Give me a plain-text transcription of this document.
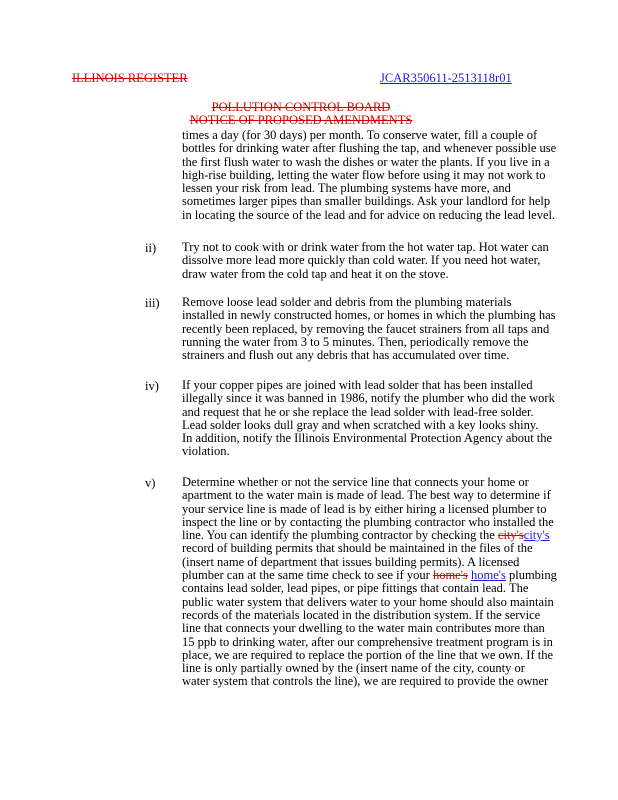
ILLINOIS REGISTER	JCAR350611-2513118r01
POLLUTION CONTROL BOARD
NOTICE OF PROPOSED AMENDMENTS
times a day (for 30 days) per month. To conserve water, fill a couple of
bottles for drinking water after flushing the tap, and whenever possible use
the first flush water to wash the dishes or water the plants. If you live in a
high-rise building, letting the water flow before using it may not work to
lessen your risk from lead. The plumbing systems have more, and
sometimes larger pipes than smaller buildings. Ask your landlord for help
in locating the source of the lead and for advice on reducing the lead level.
ii) Try not to cook with or drink water from the hot water tap. Hot water can
dissolve more lead more quickly than cold water. If you need hot water,
draw water from the cold tap and heat it on the stove.
iii) Remove loose lead solder and debris from the plumbing materials
installed in newly constructed homes, or homes in which the plumbing has
recently been replaced, by removing the faucet strainers from all taps and
running the water from 3 to 5 minutes. Then, periodically remove the
strainers and flush out any debris that has accumulated over time.
iv) If your copper pipes are joined with lead solder that has been installed
illegally since it was banned in 1986, notify the plumber who did the work
and request that he or she replace the lead solder with lead-free solder.
Lead solder looks dull gray and when scratched with a key looks shiny.
In addition, notify the Illinois Environmental Protection Agency about the
violation.
v) Determine whether or not the service line that connects your home or
apartment to the water main is made of lead. The best way to determine if
your service line is made of lead is by either hiring a licensed plumber to
inspect the line or by contacting the plumbing contractor who installed the
line. You can identify the plumbing contractor by checking the city'scity's
record of building permits that should be maintained in the files of the
(insert name of department that issues building permits). A licensed
plumber can at the same time check to see if your home's home's plumbing
contains lead solder, lead pipes, or pipe fittings that contain lead. The
public water system that delivers water to your home should also maintain
records of the materials located in the distribution system. If the service
line that connects your dwelling to the water main contributes more than
15 ppb to drinking water, after our comprehensive treatment program is in
place, we are required to replace the portion of the line that we own. If the
line is only partially owned by the (insert name of the city, county or
water system that controls the line), we are required to provide the owner
